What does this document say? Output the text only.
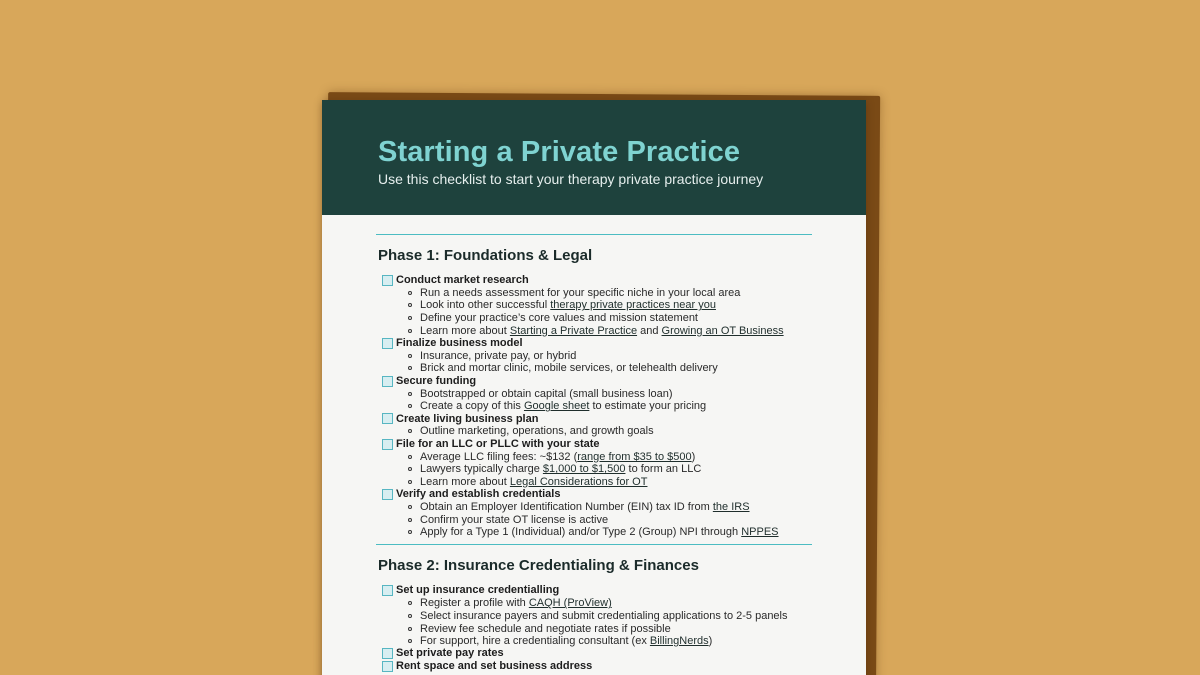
Starting a Private Practice
Use this checklist to start your therapy private practice journey
Phase 1: Foundations & Legal
Conduct market research
Run a needs assessment for your specific niche in your local area
Look into other successful therapy private practices near you
Define your practice’s core values and mission statement
Learn more about Starting a Private Practice and Growing an OT Business
Finalize business model
Insurance, private pay, or hybrid
Brick and mortar clinic, mobile services, or telehealth delivery
Secure funding
Bootstrapped or obtain capital (small business loan)
Create a copy of this Google sheet to estimate your pricing
Create living business plan
Outline marketing, operations, and growth goals
File for an LLC or PLLC with your state
Average LLC filing fees: ~$132 (range from $35 to $500)
Lawyers typically charge $1,000 to $1,500 to form an LLC
Learn more about Legal Considerations for OT
Verify and establish credentials
Obtain an Employer Identification Number (EIN) tax ID from the IRS
Confirm your state OT license is active
Apply for a Type 1 (Individual) and/or Type 2 (Group) NPI through NPPES
Phase 2: Insurance Credentialing & Finances
Set up insurance credentialling
Register a profile with CAQH (ProView)
Select insurance payers and submit credentialing applications to 2-5 panels
Review fee schedule and negotiate rates if possible
For support, hire a credentialing consultant (ex BillingNerds)
Set private pay rates
Rent space and set business address
